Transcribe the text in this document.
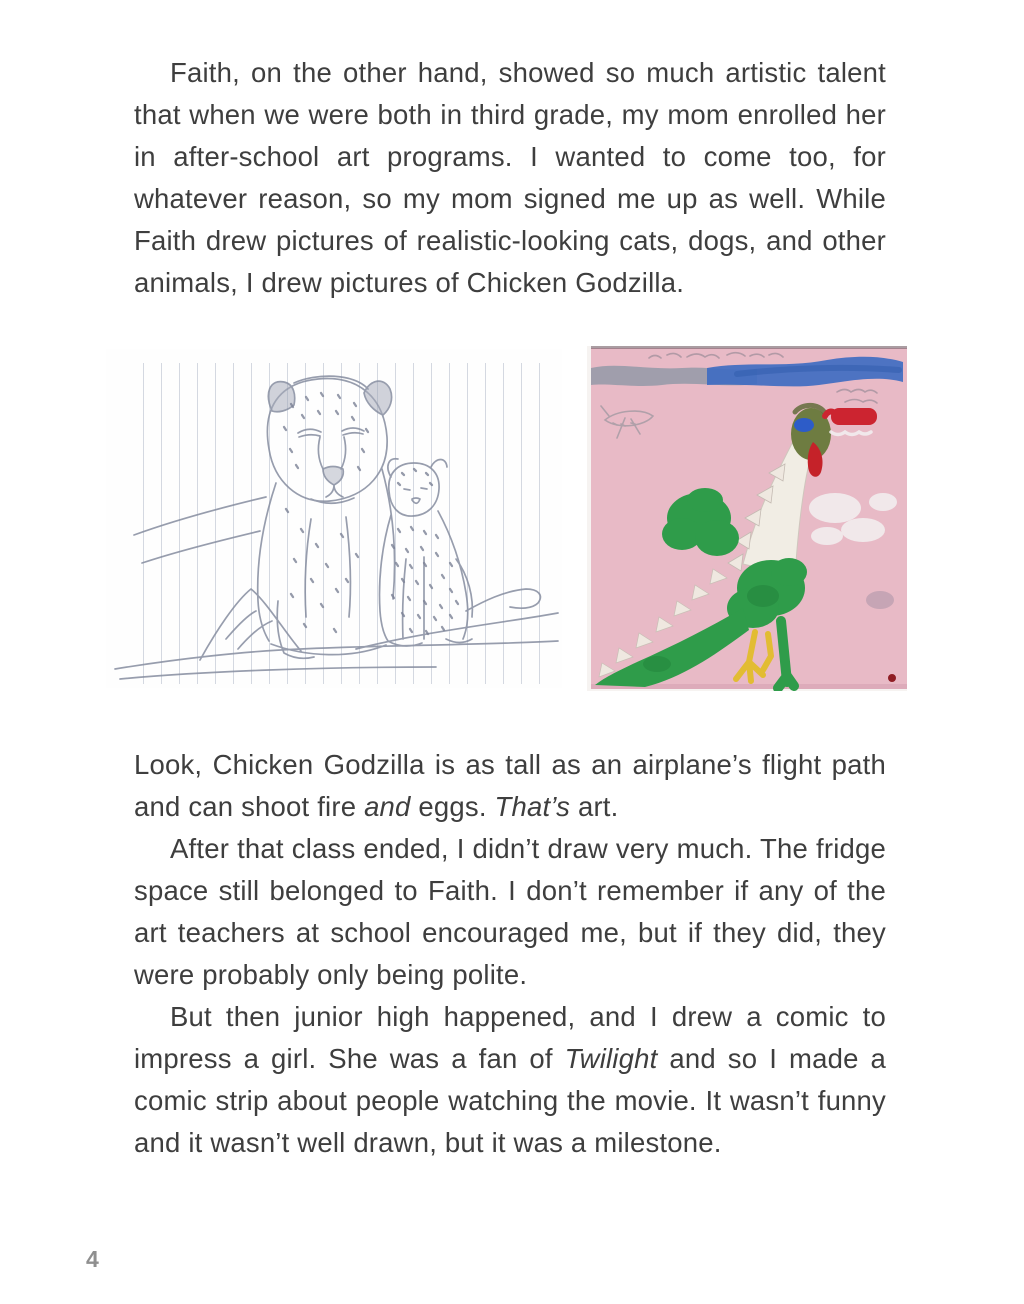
Faith, on the other hand, showed so much artistic talent that when we were both in third grade, my mom enrolled her in after-school art programs. I wanted to come too, for whatever reason, so my mom signed me up as well. While Faith drew pictures of realistic-looking cats, dogs, and other animals, I drew pictures of Chicken Godzilla.

Look, Chicken Godzilla is as tall as an airplane’s flight path and can shoot fire and eggs. That’s art.

After that class ended, I didn’t draw very much. The fridge space still belonged to Faith. I don’t remember if any of the art teachers at school encouraged me, but if they did, they were probably only being polite.

But then junior high happened, and I drew a comic to impress a girl. She was a fan of Twilight and so I made a comic strip about people watching the movie. It wasn’t funny and it wasn’t well drawn, but it was a milestone.

4
